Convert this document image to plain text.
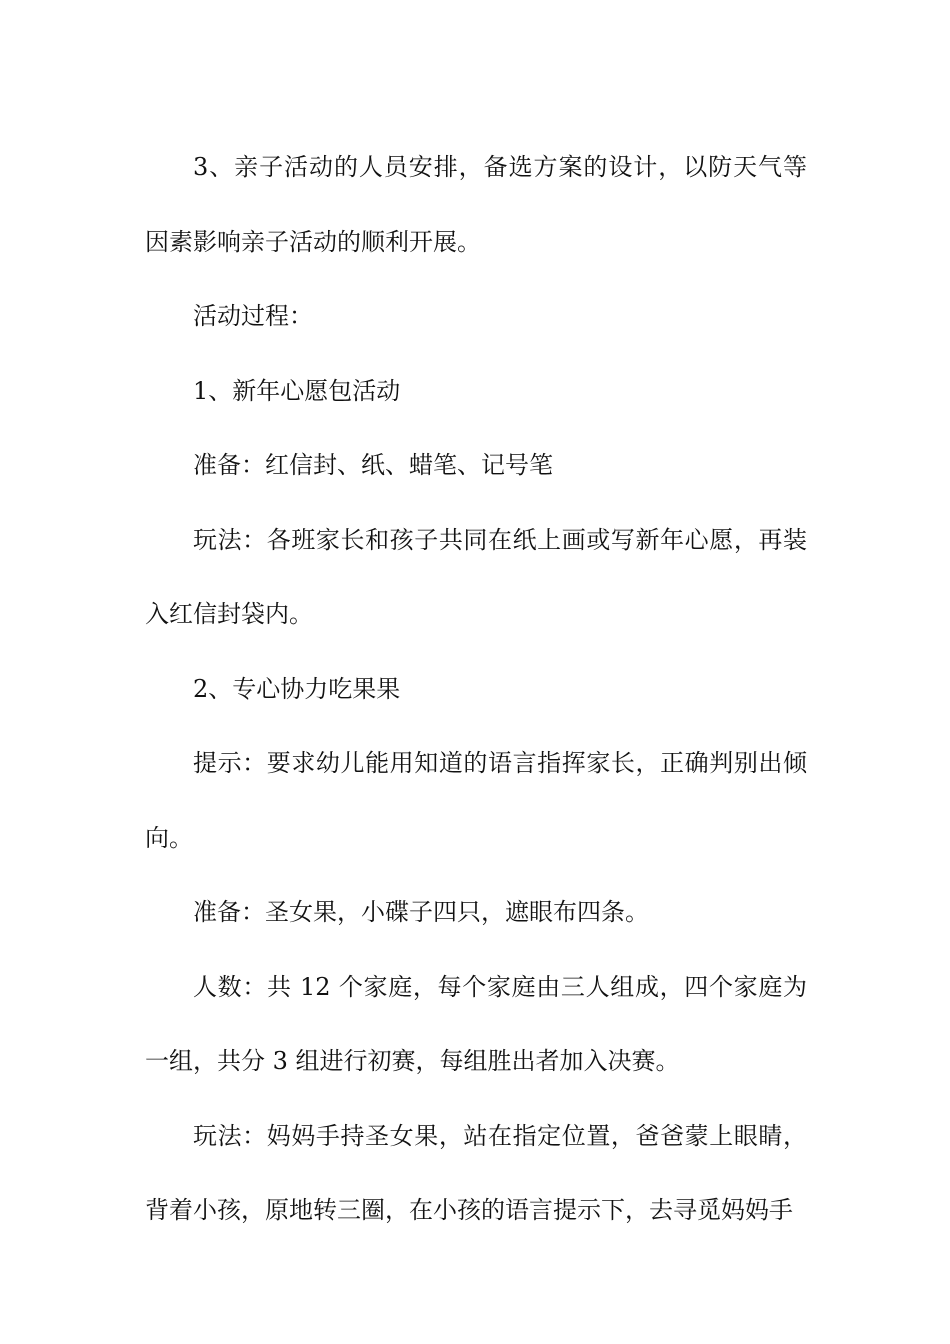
3、亲子活动的人员安排，备选方案的设计，以防天气等因素影响亲子活动的顺利开展。

活动过程：

1、新年心愿包活动

准备：红信封、纸、蜡笔、记号笔

玩法：各班家长和孩子共同在纸上画或写新年心愿，再装入红信封袋内。

2、专心协力吃果果

提示：要求幼儿能用知道的语言指挥家长，正确判别出倾向。

准备：圣女果，小碟子四只，遮眼布四条。

人数：共 12 个家庭，每个家庭由三人组成，四个家庭为一组，共分 3 组进行初赛，每组胜出者加入决赛。

玩法：妈妈手持圣女果，站在指定位置，爸爸蒙上眼睛，背着小孩，原地转三圈，在小孩的语言提示下，去寻觅妈妈手
